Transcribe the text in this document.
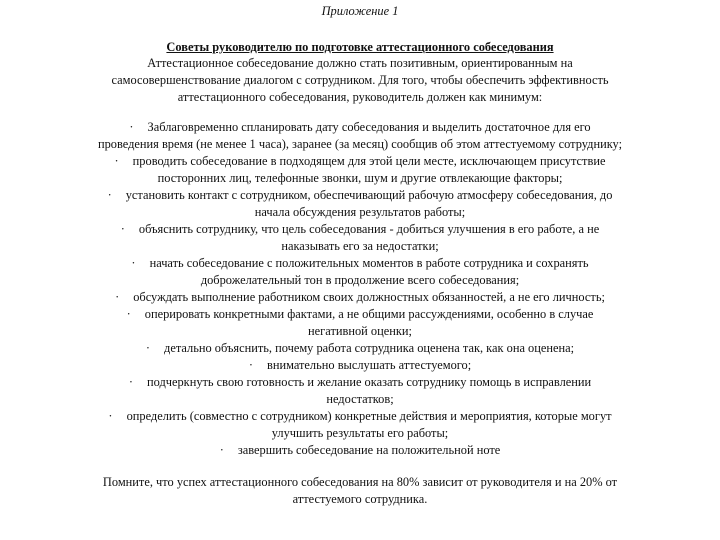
Приложение 1
Советы руководителю по подготовке аттестационного собеседования
Аттестационное собеседование должно стать позитивным, ориентированным на
самосовершенствование диалогом с сотрудником. Для того, чтобы обеспечить эффективность
аттестационного собеседования, руководитель должен как минимум:
· Заблаговременно спланировать дату собеседования и выделить достаточное для его
проведения время (не менее 1 часа), заранее (за месяц) сообщив об этом аттестуемому сотруднику;
· проводить собеседование в подходящем для этой цели месте, исключающем присутствие
посторонних лиц, телефонные звонки, шум и другие отвлекающие факторы;
· установить контакт с сотрудником, обеспечивающий рабочую атмосферу собеседования, до
начала обсуждения результатов работы;
· объяснить сотруднику, что цель собеседования - добиться улучшения в его работе, а не
наказывать его за недостатки;
· начать собеседование с положительных моментов в работе сотрудника и сохранять
доброжелательный тон в продолжение всего собеседования;
· обсуждать выполнение работником своих должностных обязанностей, а не его личность;
· оперировать конкретными фактами, а не общими рассуждениями, особенно в случае
негативной оценки;
· детально объяснить, почему работа сотрудника оценена так, как она оценена;
· внимательно выслушать аттестуемого;
· подчеркнуть свою готовность и желание оказать сотруднику помощь в исправлении
недостатков;
· определить (совместно с сотрудником) конкретные действия и мероприятия, которые могут
улучшить результаты его работы;
· завершить собеседование на положительной ноте
Помните, что успех аттестационного собеседования на 80% зависит от руководителя и на 20% от
аттестуемого сотрудника.
